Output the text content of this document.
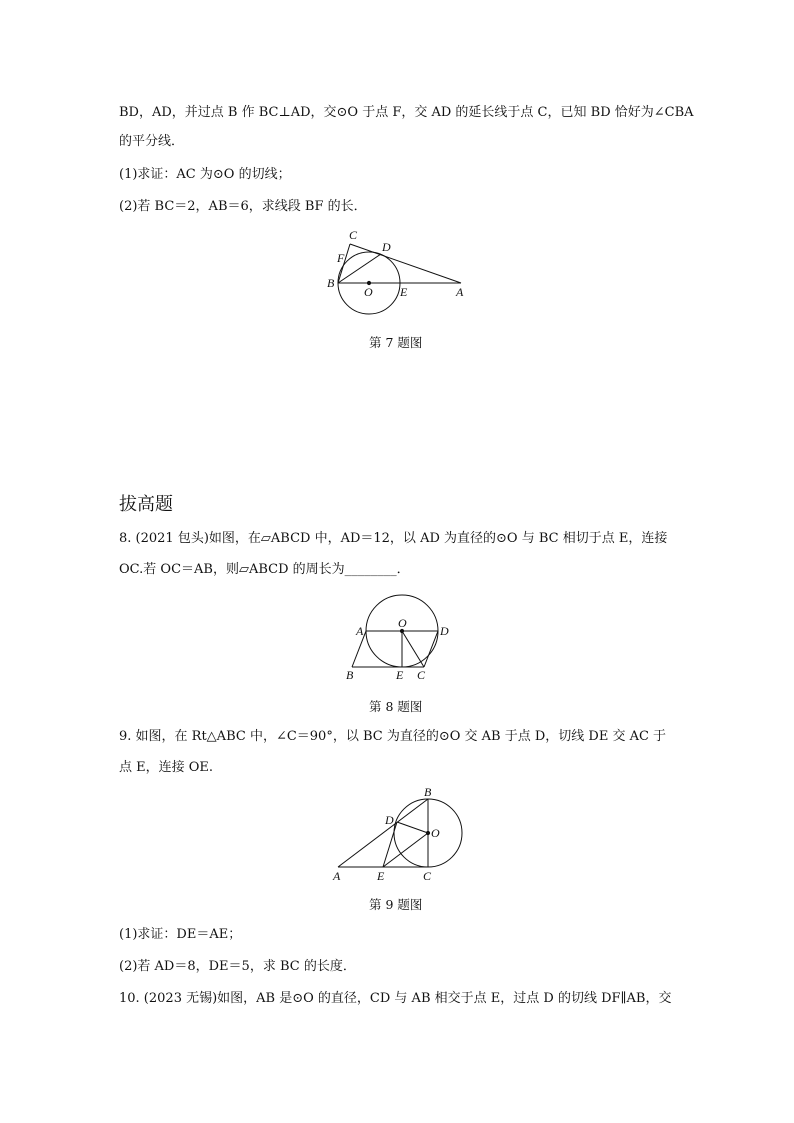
BD，AD，并过点 B 作 BC⊥AD，交⊙O 于点 F，交 AD 的延长线于点 C，已知 BD 恰好为∠CBA
的平分线．
(1)求证：AC 为⊙O 的切线；
(2)若 BC＝2，AB＝6，求线段 BF 的长．
C
D
F
B
O E	A
第 7 题图
拔高题
8. (2021 包头)如图，在▱ABCD 中，AD＝12，以 AD 为直径的⊙O 与 BC 相切于点 E，连接
OC.若 OC＝AB，则▱ABCD 的周长为________．
A
O
D
B	E C
第 8 题图
9. 如图，在 Rt△ABC 中，∠C＝90°，以 BC 为直径的⊙O 交 AB 于点 D，切线 DE 交 AC 于
点 E，连接 OE.
B
D
O
A	E	C
第 9 题图
(1)求证：DE＝AE；
(2)若 AD＝8，DE＝5，求 BC 的长度．
10. (2023 无锡)如图，AB 是⊙O 的直径，CD 与 AB 相交于点 E，过点 D 的切线 DF∥AB，交
